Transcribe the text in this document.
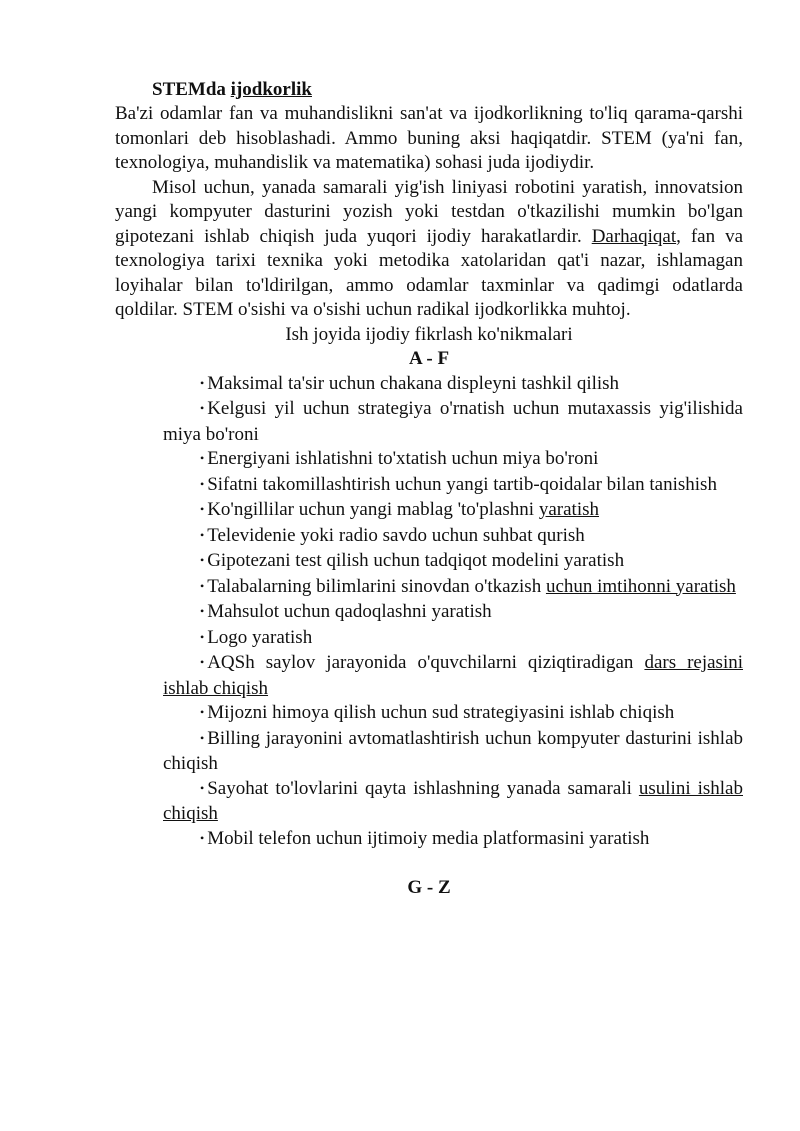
STEMda ijodkorlik

Ba'zi odamlar fan va muhandislikni san'at va ijodkorlikning to'liq qarama-qarshi tomonlari deb hisoblashadi. Ammo buning aksi haqiqatdir. STEM (ya'ni fan, texnologiya, muhandislik va matematika) sohasi juda ijodiydir.

Misol uchun, yanada samarali yig'ish liniyasi robotini yaratish, innovatsion yangi kompyuter dasturini yozish yoki testdan o'tkazilishi mumkin bo'lgan gipotezani ishlab chiqish juda yuqori ijodiy harakatlardir. Darhaqiqat, fan va texnologiya tarixi texnika yoki metodika xatolaridan qat'i nazar, ishlamagan loyihalar bilan to'ldirilgan, ammo odamlar taxminlar va qadimgi odatlarda qoldilar. STEM o'sishi va o'sishi uchun radikal ijodkorlikka muhtoj.

Ish joyida ijodiy fikrlash ko'nikmalari
A - F
• Maksimal ta'sir uchun chakana displeyni tashkil qilish
• Kelgusi yil uchun strategiya o'rnatish uchun mutaxassis yig'ilishida miya bo'roni
• Energiyani ishlatishni to'xtatish uchun miya bo'roni
• Sifatni takomillashtirish uchun yangi tartib-qoidalar bilan tanishish
• Ko'ngillilar uchun yangi mablag 'to'plashni yaratish
• Televidenie yoki radio savdo uchun suhbat qurish
• Gipotezani test qilish uchun tadqiqot modelini yaratish
• Talabalarning bilimlarini sinovdan o'tkazish uchun imtihonni yaratish
• Mahsulot uchun qadoqlashni yaratish
• Logo yaratish
• AQSh saylov jarayonida o'quvchilarni qiziqtiradigan dars rejasini ishlab chiqish
• Mijozni himoya qilish uchun sud strategiyasini ishlab chiqish
• Billing jarayonini avtomatlashtirish uchun kompyuter dasturini ishlab chiqish
• Sayohat to'lovlarini qayta ishlashning yanada samarali usulini ishlab chiqish
• Mobil telefon uchun ijtimoiy media platformasini yaratish
G - Z
